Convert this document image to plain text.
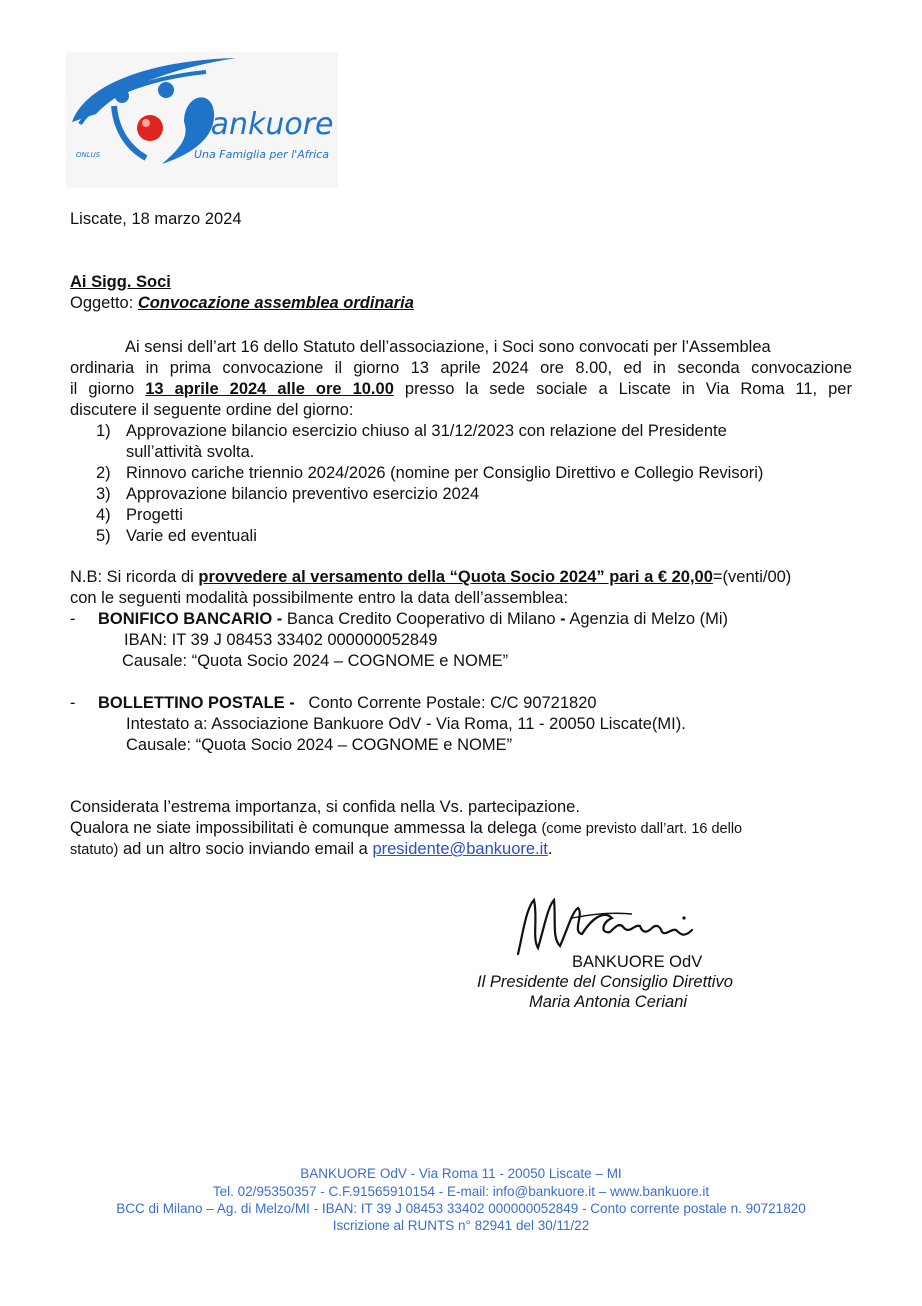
Bankuore
ONLUS	Una Famiglia per l'Africa
Liscate, 18 marzo 2024
Ai Sigg. Soci
Oggetto: Convocazione assemblea ordinaria
Ai sensi dell’art 16 dello Statuto dell’associazione, i Soci sono convocati per l’Assemblea
ordinaria in prima convocazione il giorno 13 aprile 2024 ore 8.00, ed in seconda convocazione
il giorno 13 aprile 2024 alle ore 10.00 presso la sede sociale a Liscate in Via Roma 11, per
discutere il seguente ordine del giorno:
1) Approvazione bilancio esercizio chiuso al 31/12/2023 con relazione del Presidente
sull’attività svolta.
2) Rinnovo cariche triennio 2024/2026 (nomine per Consiglio Direttivo e Collegio Revisori)
3) Approvazione bilancio preventivo esercizio 2024
4) Progetti
5) Varie ed eventuali
N.B: Si ricorda di provvedere al versamento della “Quota Socio 2024” pari a € 20,00=(venti/00)
con le seguenti modalità possibilmente entro la data dell’assemblea:
- BONIFICO BANCARIO - Banca Credito Cooperativo di Milano - Agenzia di Melzo (Mi)
IBAN: IT 39 J 08453 33402 000000052849
Causale: “Quota Socio 2024 – COGNOME e NOME”
- BOLLETTINO POSTALE - Conto Corrente Postale: C/C 90721820
Intestato a: Associazione Bankuore OdV - Via Roma, 11 - 20050 Liscate(MI).
Causale: “Quota Socio 2024 – COGNOME e NOME”
Considerata l’estrema importanza, si confida nella Vs. partecipazione.
Qualora ne siate impossibilitati è comunque ammessa la delega (come previsto dall’art. 16 dello
statuto) ad un altro socio inviando email a presidente@bankuore.it.
BANKUORE OdV
Il Presidente del Consiglio Direttivo
Maria Antonia Ceriani
BANKUORE OdV - Via Roma 11 - 20050 Liscate – MI
Tel. 02/95350357 - C.F.91565910154 - E-mail: info@bankuore.it – www.bankuore.it
BCC di Milano – Ag. di Melzo/MI - IBAN: IT 39 J 08453 33402 000000052849 - Conto corrente postale n. 90721820
Iscrizione al RUNTS n° 82941 del 30/11/22
